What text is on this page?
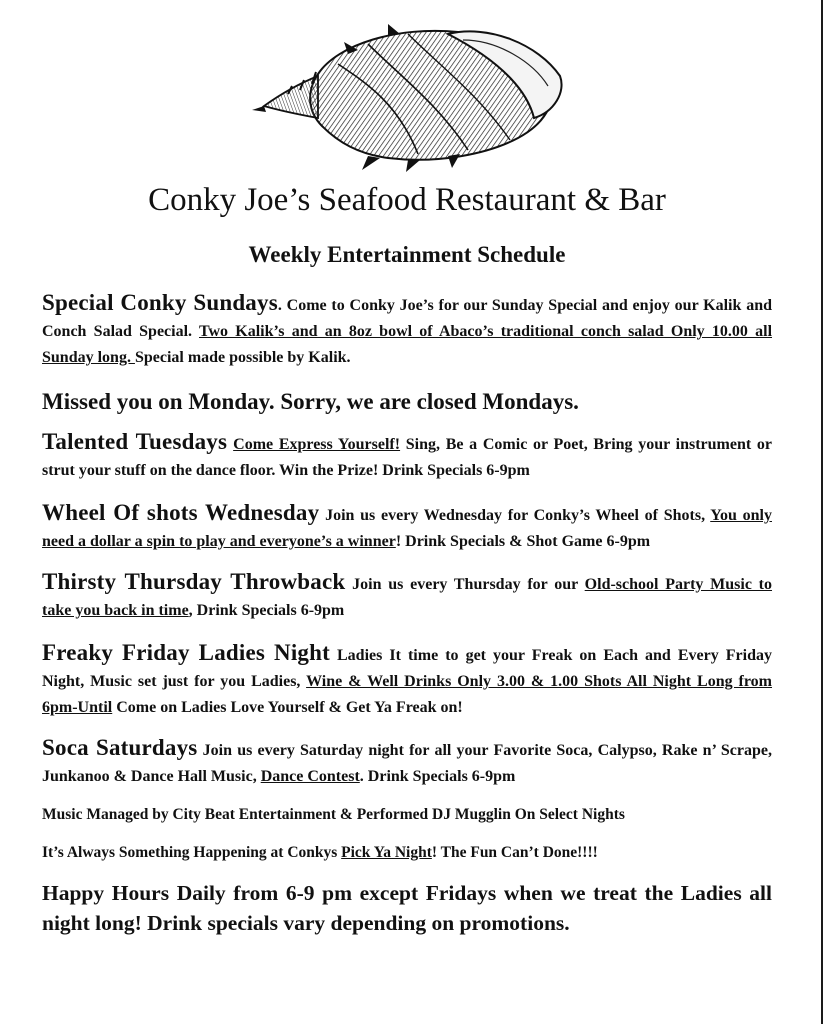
Conky Joe’s Seafood Restaurant & Bar
Weekly Entertainment Schedule

Special Conky Sundays. Come to Conky Joe’s for our Sunday Special and enjoy our Kalik and Conch Salad Special. Two Kalik’s and an 8oz bowl of Abaco’s traditional conch salad Only 10.00 all Sunday long. Special made possible by Kalik.

Missed you on Monday. Sorry, we are closed Mondays.

Talented Tuesdays Come Express Yourself! Sing, Be a Comic or Poet, Bring your instrument or strut your stuff on the dance floor. Win the Prize! Drink Specials 6-9pm

Wheel Of shots Wednesday Join us every Wednesday for Conky’s Wheel of Shots, You only need a dollar a spin to play and everyone’s a winner! Drink Specials & Shot Game 6-9pm

Thirsty Thursday Throwback Join us every Thursday for our Old-school Party Music to take you back in time, Drink Specials 6-9pm

Freaky Friday Ladies Night Ladies It time to get your Freak on Each and Every Friday Night, Music set just for you Ladies, Wine & Well Drinks Only 3.00 & 1.00 Shots All Night Long from 6pm-Until Come on Ladies Love Yourself & Get Ya Freak on!

Soca Saturdays Join us every Saturday night for all your Favorite Soca, Calypso, Rake n’ Scrape, Junkanoo & Dance Hall Music, Dance Contest. Drink Specials 6-9pm

Music Managed by City Beat Entertainment & Performed DJ Mugglin On Select Nights

It’s Always Something Happening at Conkys Pick Ya Night! The Fun Can’t Done!!!!

Happy Hours Daily from 6-9 pm except Fridays when we treat the Ladies all night long! Drink specials vary depending on promotions.
